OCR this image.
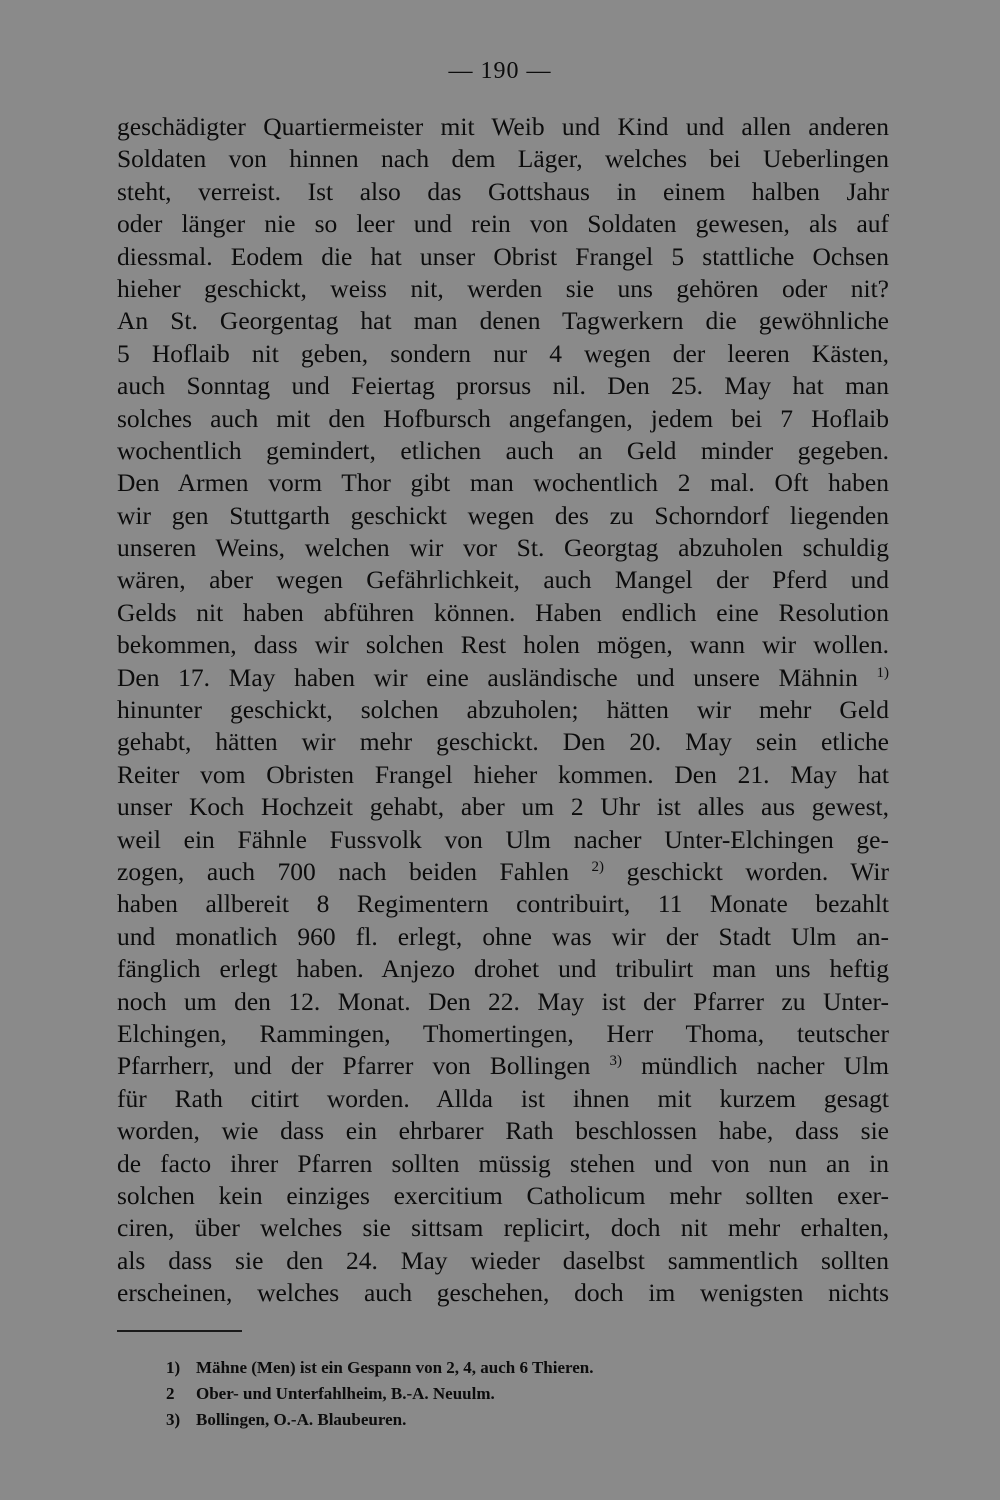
— 190 —
geschädigter Quartiermeister mit Weib und Kind und allen anderen
Soldaten von hinnen nach dem Läger, welches bei Ueberlingen
steht, verreist. Ist also das Gottshaus in einem halben Jahr
oder länger nie so leer und rein von Soldaten gewesen, als auf
diessmal. Eodem die hat unser Obrist Frangel 5 stattliche Ochsen
hieher geschickt, weiss nit, werden sie uns gehören oder nit?
An St. Georgentag hat man denen Tagwerkern die gewöhnliche
5 Hoflaib nit geben, sondern nur 4 wegen der leeren Kästen,
auch Sonntag und Feiertag prorsus nil. Den 25. May hat man
solches auch mit den Hofbursch angefangen, jedem bei 7 Hoflaib
wochentlich gemindert, etlichen auch an Geld minder gegeben.
Den Armen vorm Thor gibt man wochentlich 2 mal. Oft haben
wir gen Stuttgarth geschickt wegen des zu Schorndorf liegenden
unseren Weins, welchen wir vor St. Georgtag abzuholen schuldig
wären, aber wegen Gefährlichkeit, auch Mangel der Pferd und
Gelds nit haben abführen können. Haben endlich eine Resolution
bekommen, dass wir solchen Rest holen mögen, wann wir wollen.
Den 17. May haben wir eine ausländische und unsere Mähnin $^{1)}$
hinunter geschickt, solchen abzuholen; hätten wir mehr Geld
gehabt, hätten wir mehr geschickt. Den 20. May sein etliche
Reiter vom Obristen Frangel hieher kommen. Den 21. May hat
unser Koch Hochzeit gehabt, aber um 2 Uhr ist alles aus gewest,
weil ein Fähnle Fussvolk von Ulm nacher Unter-Elchingen ge-
zogen, auch 700 nach beiden Fahlen $^{2)}$ geschickt worden. Wir
haben allbereit 8 Regimentern contribuirt, 11 Monate bezahlt
und monatlich 960 fl. erlegt, ohne was wir der Stadt Ulm an-
fänglich erlegt haben. Anjezo drohet und tribulirt man uns heftig
noch um den 12. Monat. Den 22. May ist der Pfarrer zu Unter-
Elchingen, Rammingen, Thomertingen, Herr Thoma, teutscher
Pfarrherr, und der Pfarrer von Bollingen $^{3)}$ mündlich nacher Ulm
für Rath citirt worden. Allda ist ihnen mit kurzem gesagt
worden, wie dass ein ehrbarer Rath beschlossen habe, dass sie
de facto ihrer Pfarren sollten müssig stehen und von nun an in
solchen kein einziges exercitium Catholicum mehr sollten exer-
ciren, über welches sie sittsam replicirt, doch nit mehr erhalten,
als dass sie den 24. May wieder daselbst sammentlich sollten
erscheinen, welches auch geschehen, doch im wenigsten nichts
1) Mähne (Men) ist ein Gespann von 2, 4, auch 6 Thieren.
2 Ober- und Unterfahlheim, B.-A. Neuulm.
3) Bollingen, O.-A. Blaubeuren.
